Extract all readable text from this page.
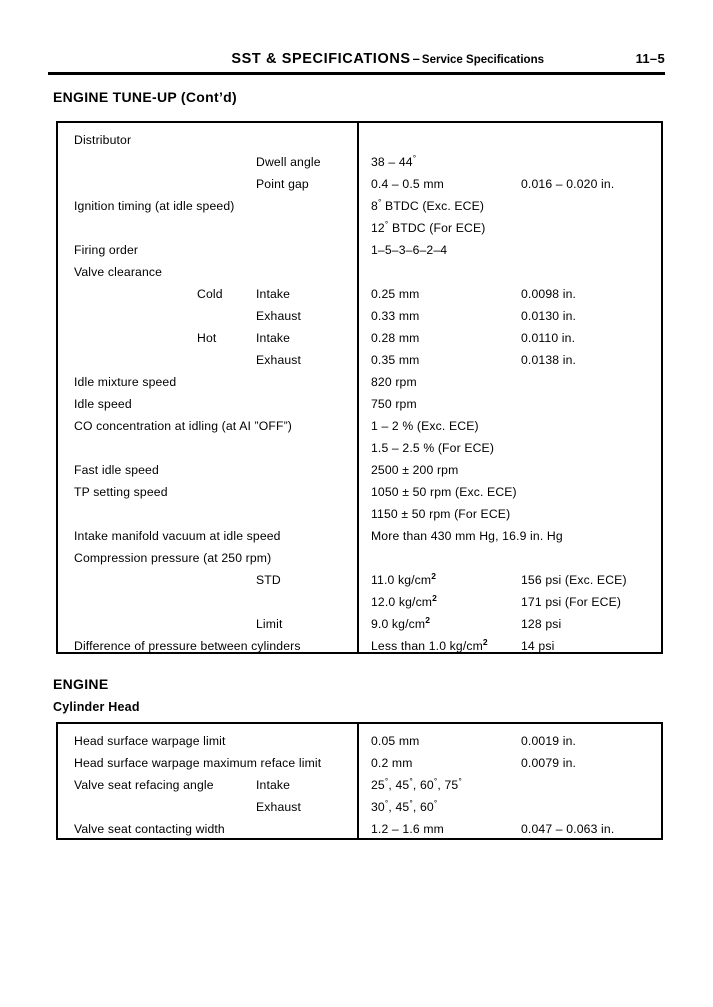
SST & SPECIFICATIONS – Service Specifications	11–5
ENGINE TUNE-UP (Cont’d)
Distributor
Dwell angle	38 – 44°
Point gap	0.4 – 0.5 mm	0.016 – 0.020 in.
Ignition timing (at idle speed)	8° BTDC (Exc. ECE)
12° BTDC (For ECE)
Firing order	1–5–3–6–2–4
Valve clearance
Cold	Intake	0.25 mm	0.0098 in.
Exhaust	0.33 mm	0.0130 in.
Hot	Intake	0.28 mm	0.0110 in.
Exhaust	0.35 mm	0.0138 in.
Idle mixture speed	820 rpm
Idle speed	750 rpm
CO concentration at idling (at AI ”OFF”)	1 – 2 % (Exc. ECE)
1.5 – 2.5 % (For ECE)
Fast idle speed	2500 ± 200 rpm
TP setting speed	1050 ± 50 rpm (Exc. ECE)
1150 ± 50 rpm (For ECE)
Intake manifold vacuum at idle speed	More than 430 mm Hg, 16.9 in. Hg
Compression pressure (at 250 rpm)
STD	11.0 $kg/cm^2$	156 psi (Exc. ECE)
12.0 $kg/cm^2$	171 psi (For ECE)
Limit	9.0 $kg/cm^2$	128 psi
Difference of pressure between cylinders	Less than 1.0 $kg/cm^2$	14 psi
ENGINE
Cylinder Head
Head surface warpage limit	0.05 mm	0.0019 in.
Head surface warpage maximum reface limit	0.2 mm	0.0079 in.
Valve seat refacing angle	Intake	25°, 45°, 60°, 75°
Exhaust	30°, 45°, 60°
Valve seat contacting width	1.2 – 1.6 mm	0.047 – 0.063 in.
